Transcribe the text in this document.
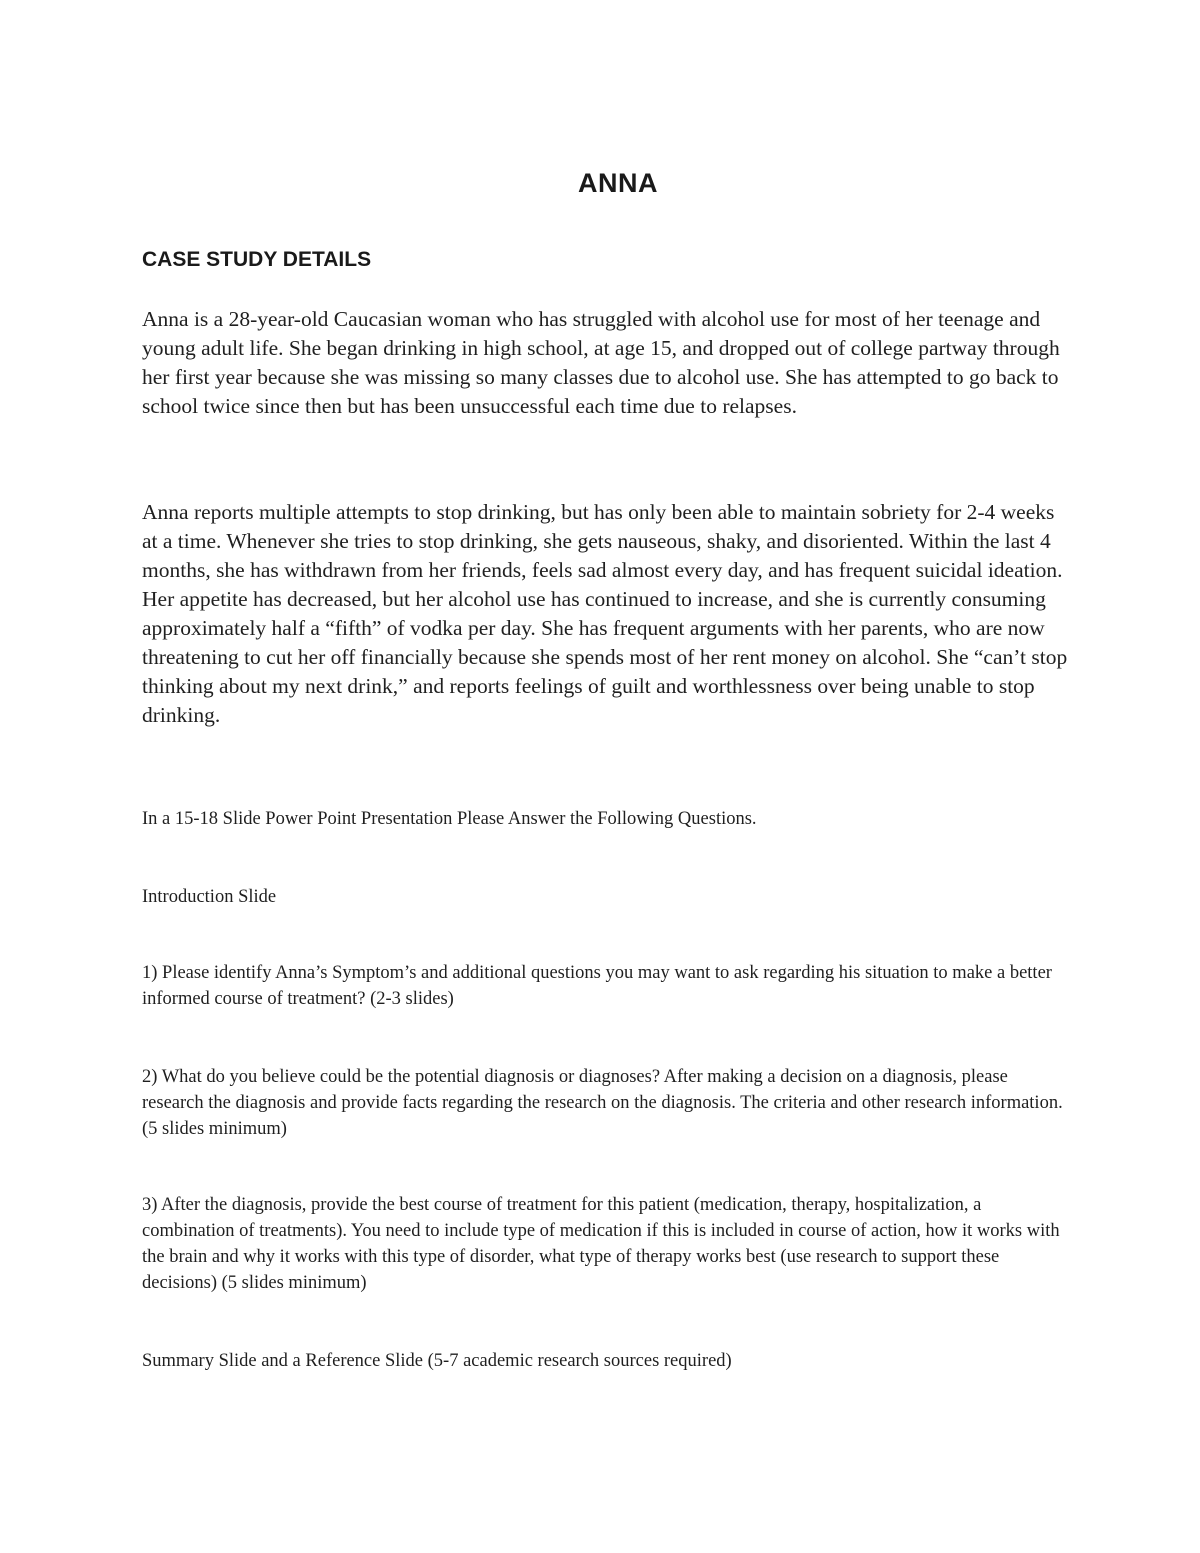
ANNA
CASE STUDY DETAILS

Anna is a 28-year-old Caucasian woman who has struggled with alcohol use for most of her teenage and young adult life. She began drinking in high school, at age 15, and dropped out of college partway through her first year because she was missing so many classes due to alcohol use. She has attempted to go back to school twice since then but has been unsuccessful each time due to relapses.

Anna reports multiple attempts to stop drinking, but has only been able to maintain sobriety for 2-4 weeks at a time. Whenever she tries to stop drinking, she gets nauseous, shaky, and disoriented. Within the last 4 months, she has withdrawn from her friends, feels sad almost every day, and has frequent suicidal ideation. Her appetite has decreased, but her alcohol use has continued to increase, and she is currently consuming approximately half a “fifth” of vodka per day. She has frequent arguments with her parents, who are now threatening to cut her off financially because she spends most of her rent money on alcohol. She “can’t stop thinking about my next drink,” and reports feelings of guilt and worthlessness over being unable to stop drinking.

In a 15-18 Slide Power Point Presentation Please Answer the Following Questions.

Introduction Slide

1) Please identify Anna’s Symptom’s and additional questions you may want to ask regarding his situation to make a better informed course of treatment? (2-3 slides)

2) What do you believe could be the potential diagnosis or diagnoses? After making a decision on a diagnosis, please research the diagnosis and provide facts regarding the research on the diagnosis. The criteria and other research information. (5 slides minimum)

3) After the diagnosis, provide the best course of treatment for this patient (medication, therapy, hospitalization, a combination of treatments). You need to include type of medication if this is included in course of action, how it works with the brain and why it works with this type of disorder, what type of therapy works best (use research to support these decisions) (5 slides minimum)

Summary Slide and a Reference Slide (5-7 academic research sources required)
